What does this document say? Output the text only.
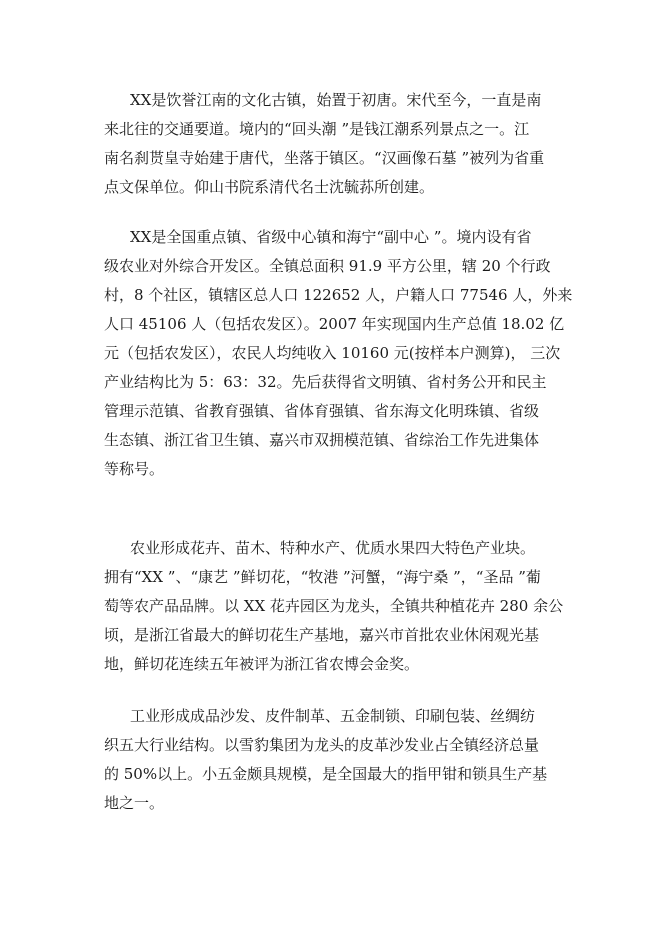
XX是饮誉江南的文化古镇，始置于初唐。宋代至今，一直是南
来北往的交通要道。境内的“回头潮 ”是钱江潮系列景点之一。江
南名刹贳皇寺始建于唐代，坐落于镇区。“汉画像石墓 ”被列为省重
点文保单位。仰山书院系清代名士沈毓荪所创建。
XX是全国重点镇、省级中心镇和海宁“副中心 ”。境内设有省
级农业对外综合开发区。全镇总面积 91.9 平方公里，辖 20 个行政
村，8 个社区，镇辖区总人口 122652 人，户籍人口 77546 人，外来
人口 45106 人（包括农发区）。2007 年实现国内生产总值 18.02 亿
元（包括农发区），农民人均纯收入 10160 元(按样本户测算)， 三次
产业结构比为 5：63：32。先后获得省文明镇、省村务公开和民主
管理示范镇、省教育强镇、省体育强镇、省东海文化明珠镇、省级
生态镇、浙江省卫生镇、嘉兴市双拥模范镇、省综治工作先进集体
等称号。
农业形成花卉、苗木、特种水产、优质水果四大特色产业块。
拥有“XX ”、“康艺 ”鲜切花，“牧港 ”河蟹，“海宁桑 ”，“圣品 ”葡
萄等农产品品牌。以 XX 花卉园区为龙头，全镇共种植花卉 280 余公
顷，是浙江省最大的鲜切花生产基地，嘉兴市首批农业休闲观光基
地，鲜切花连续五年被评为浙江省农博会金奖。
工业形成成品沙发、皮件制革、五金制锁、印刷包装、丝绸纺
织五大行业结构。以雪豹集团为龙头的皮革沙发业占全镇经济总量
的 50%以上。小五金颇具规模，是全国最大的指甲钳和锁具生产基
地之一。
